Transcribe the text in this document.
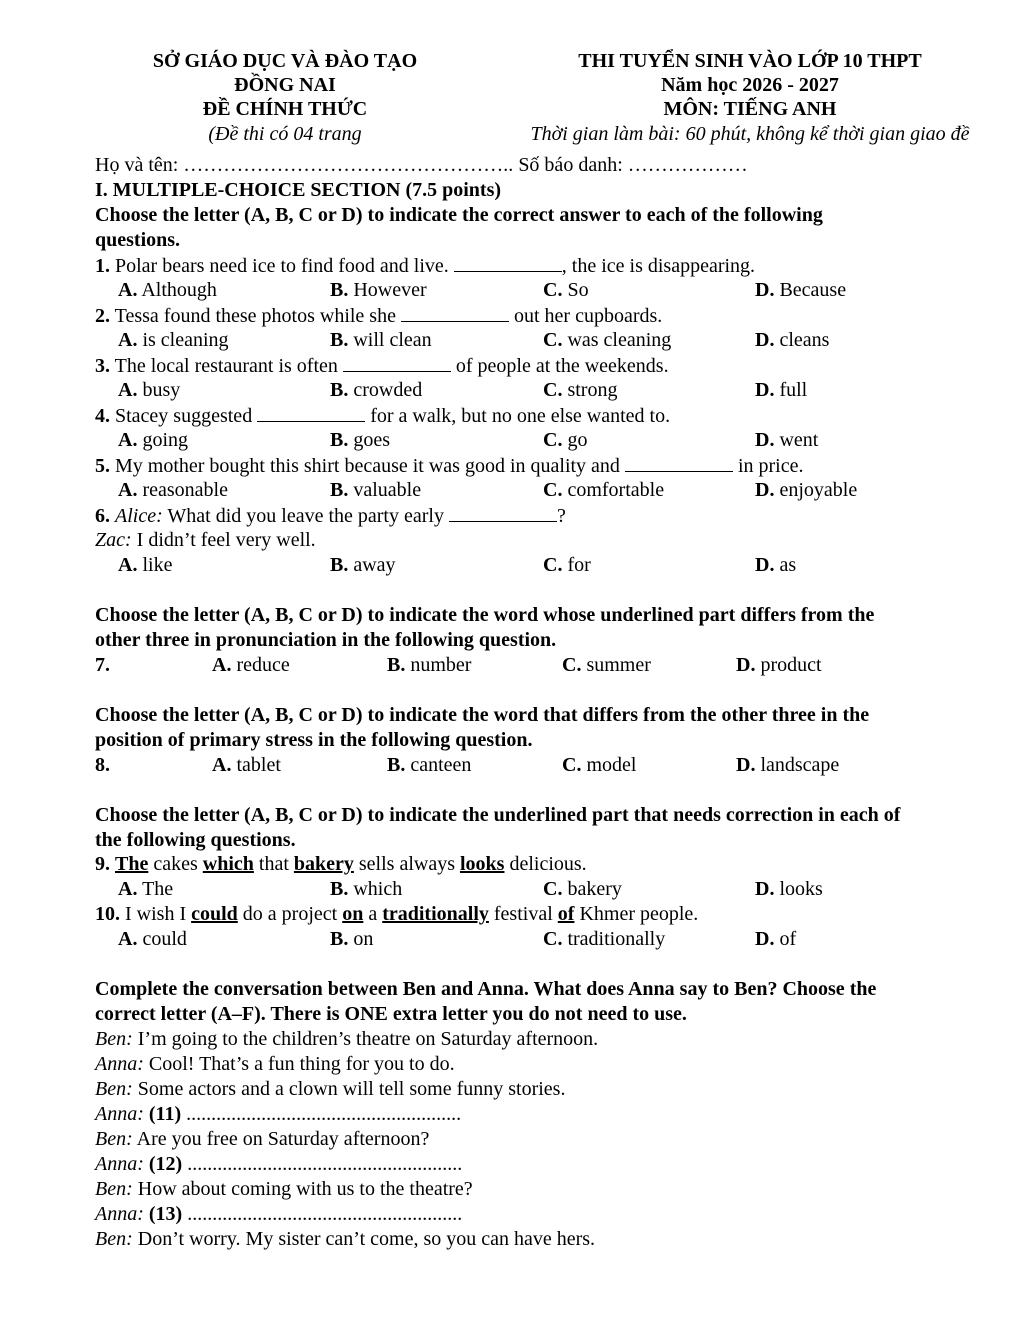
SỞ GIÁO DỤC VÀ ĐÀO TẠO
ĐỒNG NAI
ĐỀ CHÍNH THỨC
(Đề thi có 04 trang
THI TUYỂN SINH VÀO LỚP 10 THPT
Năm học 2026 - 2027
MÔN: TIẾNG ANH
Thời gian làm bài: 60 phút, không kể thời gian giao đề
Họ và tên: ………………………………………….. Số báo danh: ………………
I. MULTIPLE-CHOICE SECTION (7.5 points)
Choose the letter (A, B, C or D) to indicate the correct answer to each of the following
questions.
1. Polar bears need ice to find food and live.	, the ice is disappearing.
A. Although	B. However	C. So	D. Because
2. Tessa found these photos while she	out her cupboards.
A. is cleaning	B. will clean	C. was cleaning	D. cleans
3. The local restaurant is often	of people at the weekends.
A. busy	B. crowded	C. strong	D. full
4. Stacey suggested	for a walk, but no one else wanted to.
A. going	B. goes	C. go	D. went
5. My mother bought this shirt because it was good in quality and	in price.
A. reasonable	B. valuable	C. comfortable	D. enjoyable
6. Alice: What did you leave the party early	?
Zac: I didn’t feel very well.
A. like	B. away	C. for	D. as
Choose the letter (A, B, C or D) to indicate the word whose underlined part differs from the
other three in pronunciation in the following question.
7.	A. reduce	B. number	C. summer	D. product
Choose the letter (A, B, C or D) to indicate the word that differs from the other three in the
position of primary stress in the following question.
8.	A. tablet	B. canteen	C. model	D. landscape
Choose the letter (A, B, C or D) to indicate the underlined part that needs correction in each of
the following questions.
9. The cakes which that bakery sells always looks delicious.
A. The	B. which	C. bakery	D. looks
10. I wish I could do a project on a traditionally festival of Khmer people.
A. could	B. on	C. traditionally	D. of
Complete the conversation between Ben and Anna. What does Anna say to Ben? Choose the
correct letter (A–F). There is ONE extra letter you do not need to use.
Ben: I’m going to the children’s theatre on Saturday afternoon.
Anna: Cool! That’s a fun thing for you to do.
Ben: Some actors and a clown will tell some funny stories.
Anna: (11) .......................................................
Ben: Are you free on Saturday afternoon?
Anna: (12) .......................................................
Ben: How about coming with us to the theatre?
Anna: (13) .......................................................
Ben: Don’t worry. My sister can’t come, so you can have hers.
